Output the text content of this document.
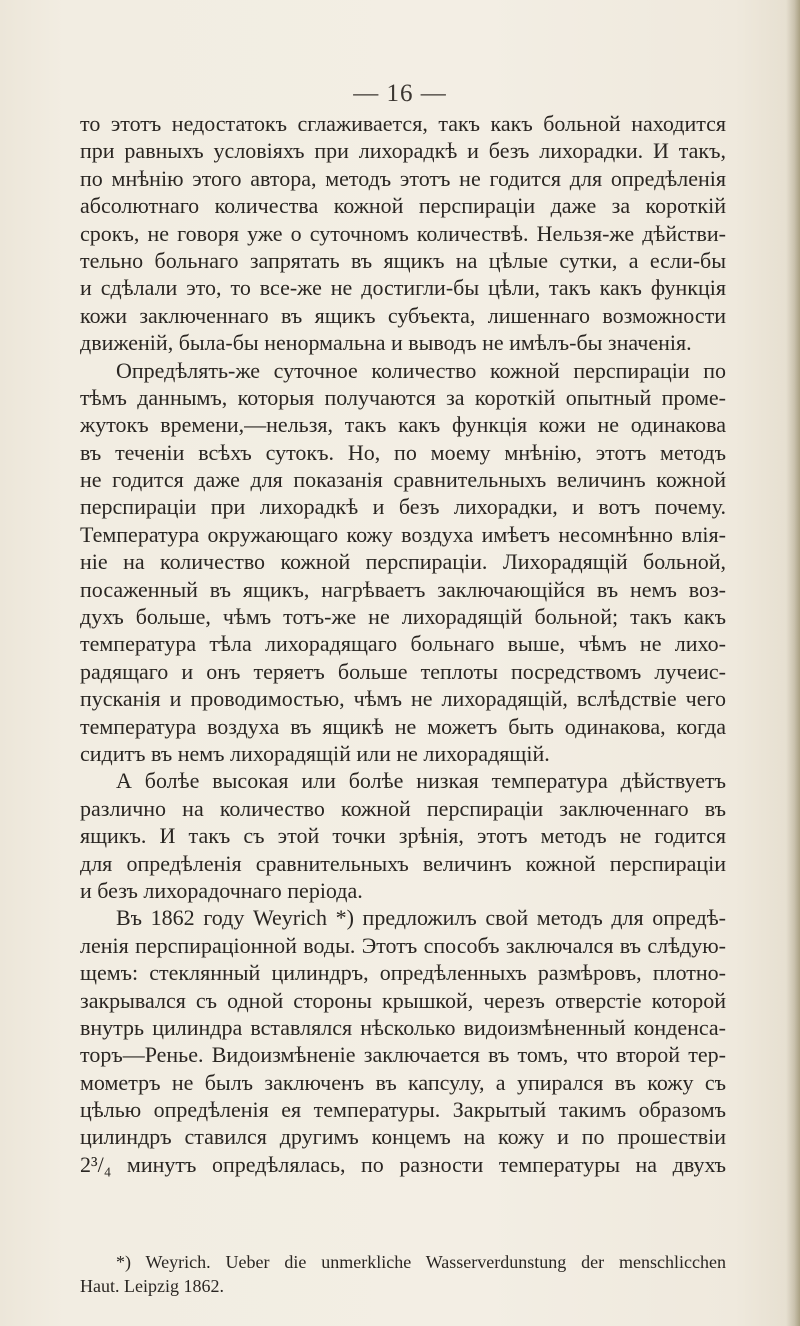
— 16 —
то этотъ недостатокъ сглаживается, такъ какъ больной находится
при равныхъ условіяхъ при лихорадкѣ и безъ лихорадки. И такъ,
по мнѣнію этого автора, методъ этотъ не годится для опредѣленія
абсолютнаго количества кожной перспираціи даже за короткій
срокъ, не говоря уже о суточномъ количествѣ. Нельзя-же дѣйстви-
тельно больнаго запрятать въ ящикъ на цѣлые сутки, а если-бы
и сдѣлали это, то все-же не достигли-бы цѣли, такъ какъ функція
кожи заключеннаго въ ящикъ субъекта, лишеннаго возможности
движеній, была-бы ненормальна и выводъ не имѣлъ-бы значенія.
Опредѣлять-же суточное количество кожной перспираціи по
тѣмъ даннымъ, которыя получаются за короткій опытный проме-
жутокъ времени,—нельзя, такъ какъ функція кожи не одинакова
въ теченіи всѣхъ сутокъ. Но, по моему мнѣнію, этотъ методъ
не годится даже для показанія сравнительныхъ величинъ кожной
перспираціи при лихорадкѣ и безъ лихорадки, и вотъ почему.
Температура окружающаго кожу воздуха имѣетъ несомнѣнно влія-
ніе на количество кожной перспираціи. Лихорадящій больной,
посаженный въ ящикъ, нагрѣваетъ заключающійся въ немъ воз-
духъ больше, чѣмъ тотъ-же не лихорадящій больной; такъ какъ
температура тѣла лихорадящаго больнаго выше, чѣмъ не лихо-
радящаго и онъ теряетъ больше теплоты посредствомъ лучеис-
пусканія и проводимостью, чѣмъ не лихорадящій, вслѣдствіе чего
температура воздуха въ ящикѣ не можетъ быть одинакова, когда
сидитъ въ немъ лихорадящій или не лихорадящій.
А болѣе высокая или болѣе низкая температура дѣйствуетъ
различно на количество кожной перспираціи заключеннаго въ
ящикъ. И такъ съ этой точки зрѣнія, этотъ методъ не годится
для опредѣленія сравнительныхъ величинъ кожной перспираціи
и безъ лихорадочнаго періода.
Въ 1862 году Weyrich *) предложилъ свой методъ для опредѣ-
ленія перспираціонной воды. Этотъ способъ заключался въ слѣдую-
щемъ: стеклянный цилиндръ, опредѣленныхъ размѣровъ, плотно-
закрывался съ одной стороны крышкой, черезъ отверстіе которой
внутрь цилиндра вставлялся нѣсколько видоизмѣненный конденса-
торъ—Ренье. Видоизмѣненіе заключается въ томъ, что второй тер-
мометръ не былъ заключенъ въ капсулу, а упирался въ кожу съ
цѣлью опредѣленія ея температуры. Закрытый такимъ образомъ
цилиндръ ставился другимъ концемъ на кожу и по прошествіи
2³/₄ минутъ опредѣлялась, по разности температуры на двухъ
*) Weyrich. Ueber die unmerkliche Wasserverdunstung der menschlicchen
Haut. Leipzig 1862.
